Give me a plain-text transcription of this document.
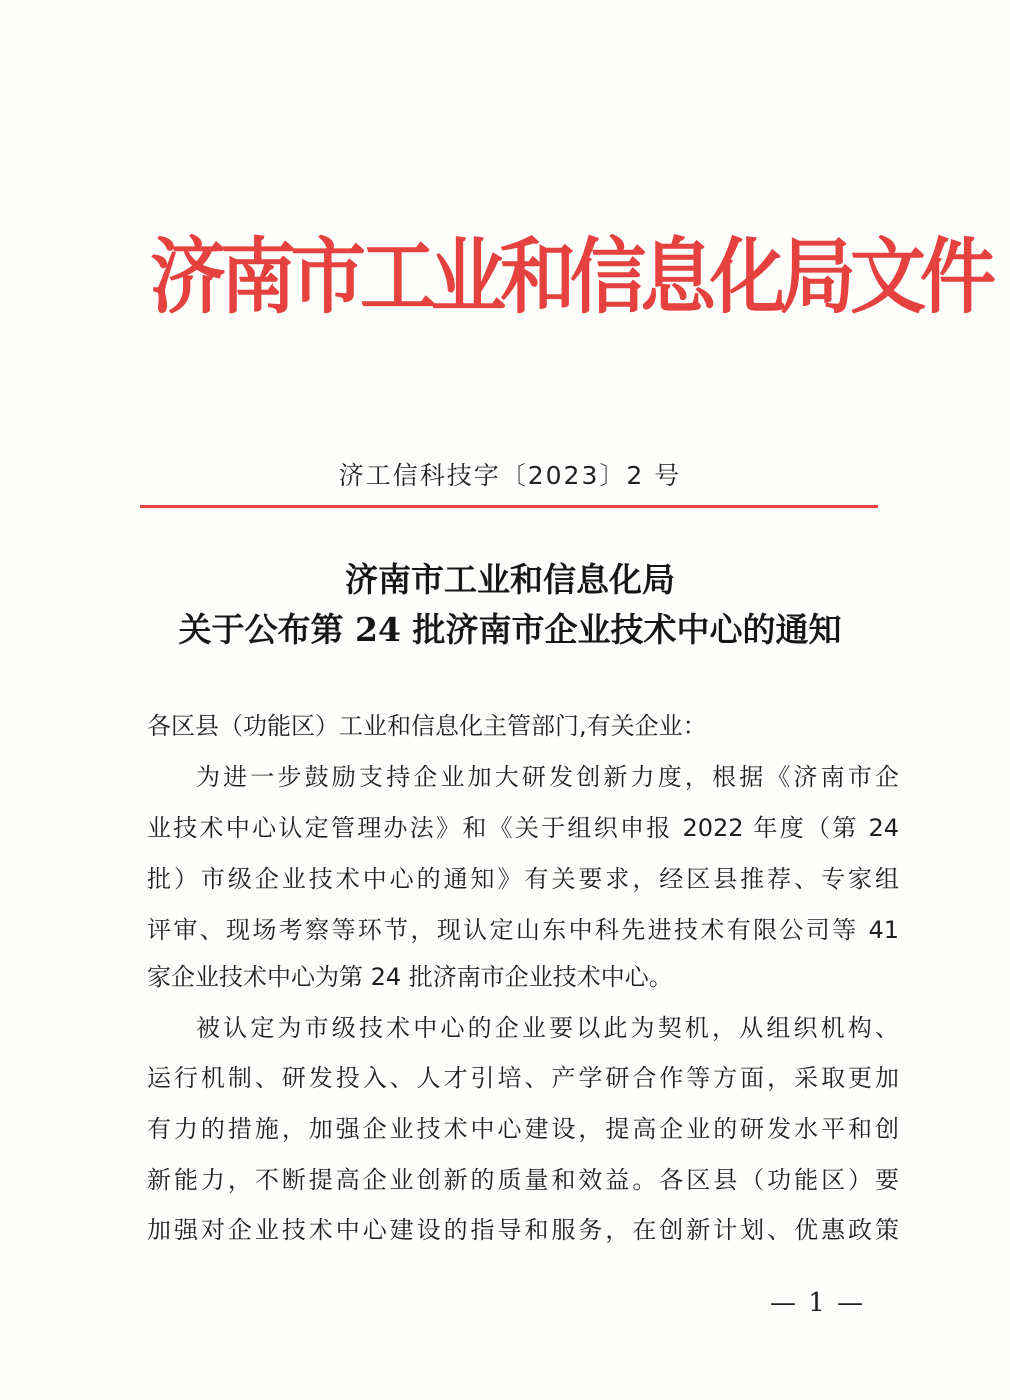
济南市工业和信息化局文件
济工信科技字〔2023〕2 号
济南市工业和信息化局
关于公布第 24 批济南市企业技术中心的通知
各区县（功能区）工业和信息化主管部门,有关企业：
为进一步鼓励支持企业加大研发创新力度，根据《济南市企
业技术中心认定管理办法》和《关于组织申报 2022 年度（第 24
批）市级企业技术中心的通知》有关要求，经区县推荐、专家组
评审、现场考察等环节，现认定山东中科先进技术有限公司等 41
家企业技术中心为第 24 批济南市企业技术中心。
被认定为市级技术中心的企业要以此为契机，从组织机构、
运行机制、研发投入、人才引培、产学研合作等方面，采取更加
有力的措施，加强企业技术中心建设，提高企业的研发水平和创
新能力，不断提高企业创新的质量和效益。各区县（功能区）要
加强对企业技术中心建设的指导和服务，在创新计划、优惠政策
— 1 —
